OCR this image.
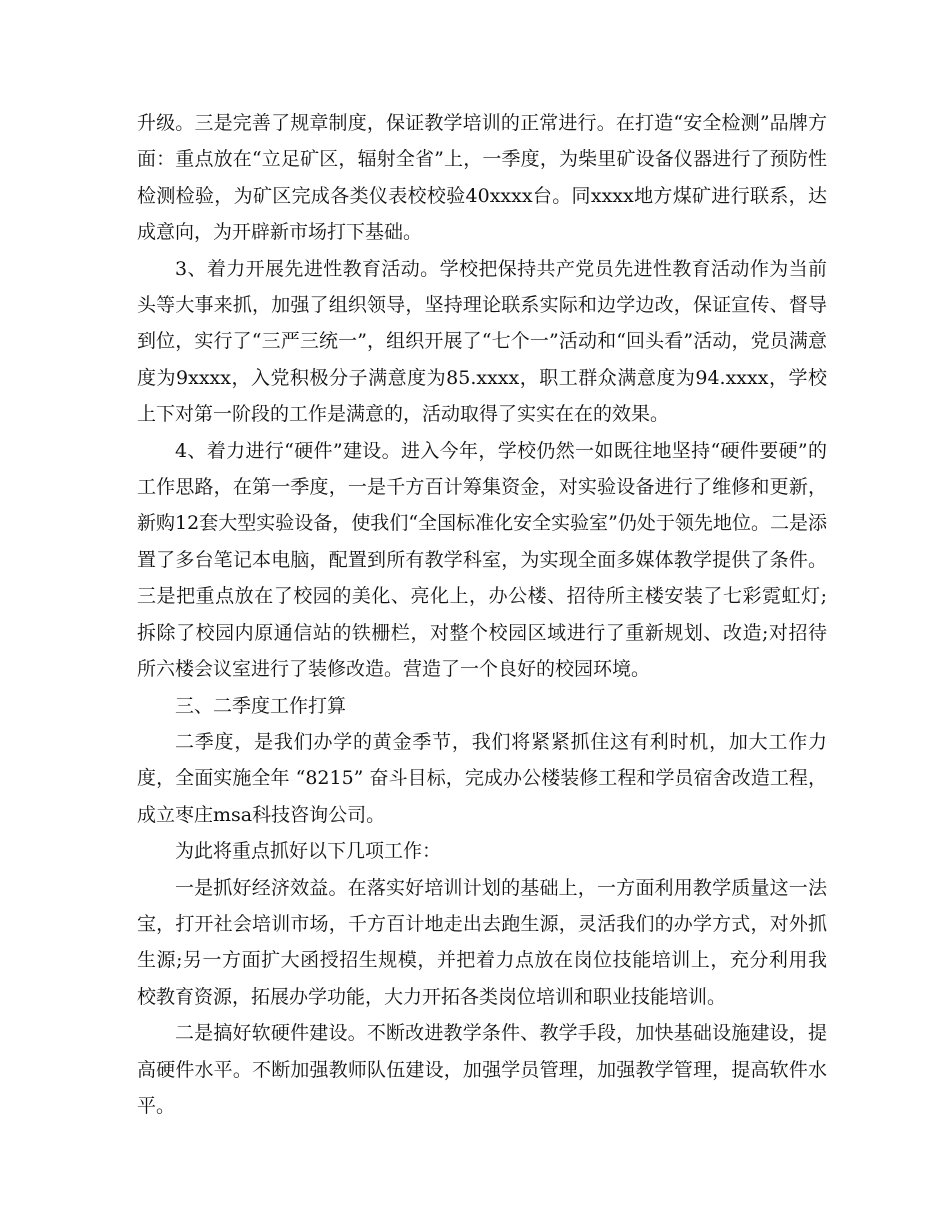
升级。三是完善了规章制度，保证教学培训的正常进行。在打造“安全检测”品牌方面：重点放在“立足矿区，辐射全省”上，一季度，为柴里矿设备仪器进行了预防性检测检验，为矿区完成各类仪表校校验40xxxx台。同xxxx地方煤矿进行联系，达成意向，为开辟新市场打下基础。

3、着力开展先进性教育活动。学校把保持共产党员先进性教育活动作为当前头等大事来抓，加强了组织领导，坚持理论联系实际和边学边改，保证宣传、督导到位，实行了“三严三统一”，组织开展了“七个一”活动和“回头看”活动，党员满意度为9xxxx，入党积极分子满意度为85.xxxx，职工群众满意度为94.xxxx，学校上下对第一阶段的工作是满意的，活动取得了实实在在的效果。

4、着力进行“硬件”建设。进入今年，学校仍然一如既往地坚持“硬件要硬”的工作思路，在第一季度，一是千方百计筹集资金，对实验设备进行了维修和更新，新购12套大型实验设备，使我们“全国标准化安全实验室”仍处于领先地位。二是添置了多台笔记本电脑，配置到所有教学科室，为实现全面多媒体教学提供了条件。三是把重点放在了校园的美化、亮化上，办公楼、招待所主楼安装了七彩霓虹灯;拆除了校园内原通信站的铁栅栏，对整个校园区域进行了重新规划、改造;对招待所六楼会议室进行了装修改造。营造了一个良好的校园环境。

三、二季度工作打算

二季度，是我们办学的黄金季节，我们将紧紧抓住这有利时机，加大工作力度，全面实施全年 “8215” 奋斗目标，完成办公楼装修工程和学员宿舍改造工程，成立枣庄msa科技咨询公司。

为此将重点抓好以下几项工作：

一是抓好经济效益。在落实好培训计划的基础上，一方面利用教学质量这一法宝，打开社会培训市场，千方百计地走出去跑生源，灵活我们的办学方式，对外抓生源;另一方面扩大函授招生规模，并把着力点放在岗位技能培训上，充分利用我校教育资源，拓展办学功能，大力开拓各类岗位培训和职业技能培训。

二是搞好软硬件建设。不断改进教学条件、教学手段，加快基础设施建设，提高硬件水平。不断加强教师队伍建设，加强学员管理，加强教学管理，提高软件水平。
